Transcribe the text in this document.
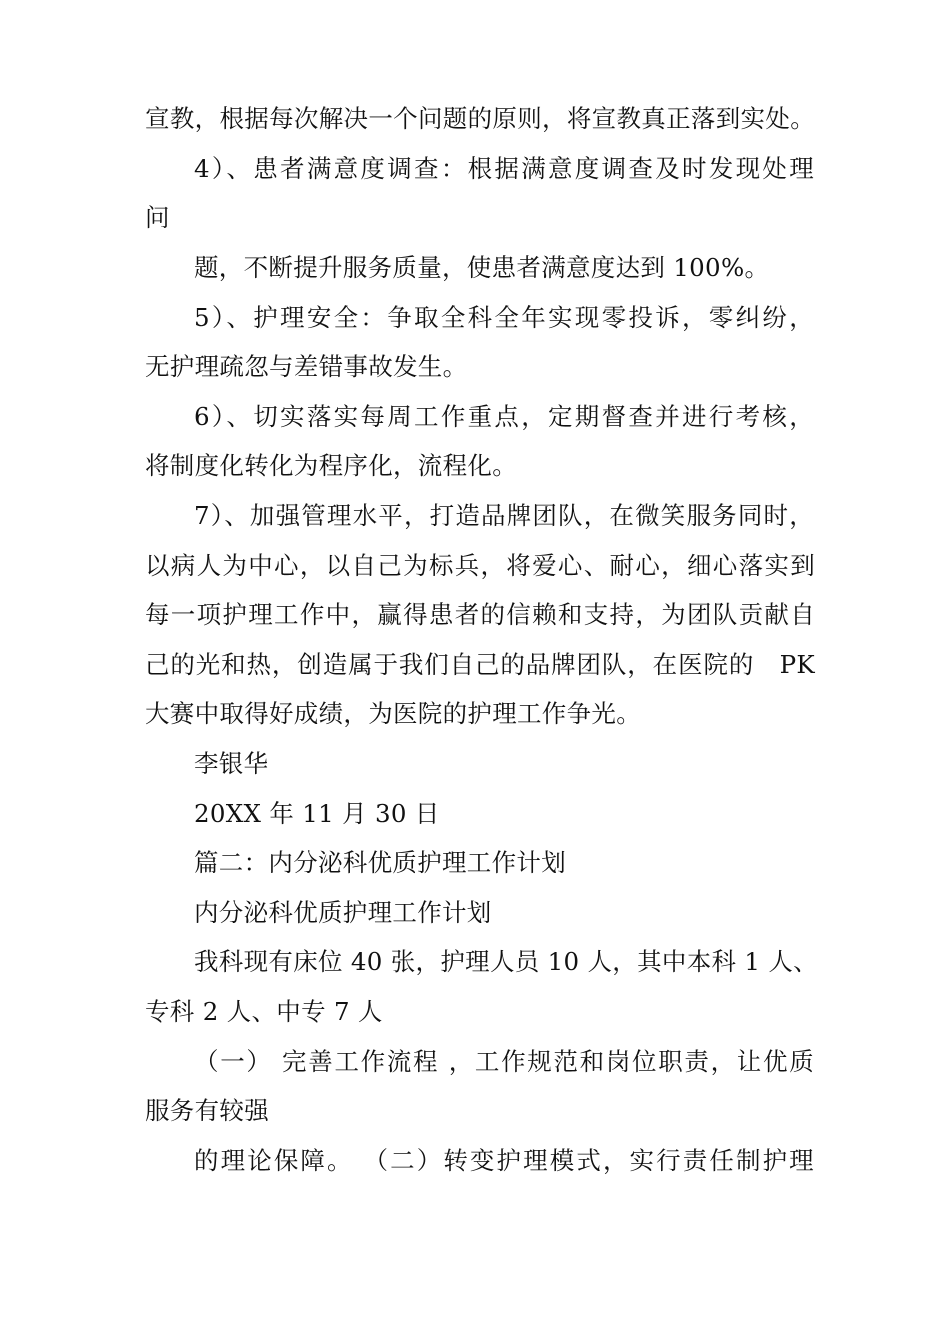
宣教，根据每次解决一个问题的原则，将宣教真正落到实处。
4）、患者满意度调查：根据满意度调查及时发现处理
问
题，不断提升服务质量，使患者满意度达到 100%。
5）、护理安全：争取全科全年实现零投诉，零纠纷，
无护理疏忽与差错事故发生。
6）、切实落实每周工作重点，定期督查并进行考核，
将制度化转化为程序化，流程化。
7）、加强管理水平，打造品牌团队，在微笑服务同时，
以病人为中心，以自己为标兵，将爱心、耐心，细心落实到
每一项护理工作中，赢得患者的信赖和支持，为团队贡献自
己的光和热，创造属于我们自己的品牌团队，在医院的　PK
大赛中取得好成绩，为医院的护理工作争光。
李银华
20XX 年 11 月 30 日
篇二：内分泌科优质护理工作计划
内分泌科优质护理工作计划
我科现有床位 40 张，护理人员 10 人，其中本科 1 人、
专科 2 人、中专 7 人
（一） 完善工作流程 ，工作规范和岗位职责，让优质
服务有较强
的理论保障。 （二）转变护理模式，实行责任制护理
